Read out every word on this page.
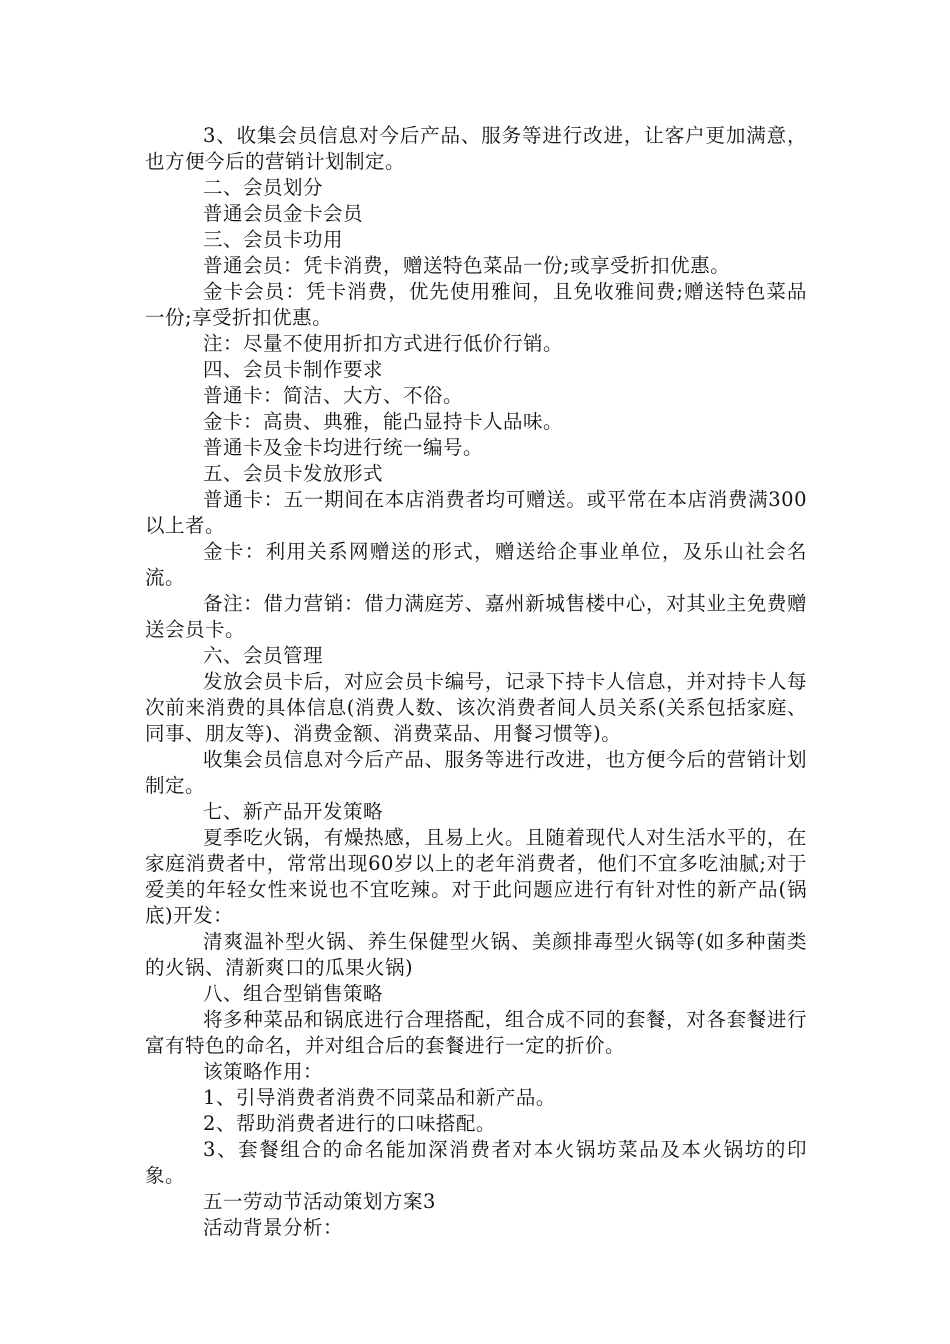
3、收集会员信息对今后产品、服务等进行改进，让客户更加满意，也方便今后的营销计划制定。

二、会员划分

普通会员金卡会员

三、会员卡功用

普通会员：凭卡消费，赠送特色菜品一份;或享受折扣优惠。

金卡会员：凭卡消费，优先使用雅间，且免收雅间费;赠送特色菜品一份;享受折扣优惠。

注：尽量不使用折扣方式进行低价行销。

四、会员卡制作要求

普通卡：简洁、大方、不俗。

金卡：高贵、典雅，能凸显持卡人品味。

普通卡及金卡均进行统一编号。

五、会员卡发放形式

普通卡：五一期间在本店消费者均可赠送。或平常在本店消费满300以上者。

金卡：利用关系网赠送的形式，赠送给企事业单位，及乐山社会名流。

备注：借力营销：借力满庭芳、嘉州新城售楼中心，对其业主免费赠送会员卡。

六、会员管理

发放会员卡后，对应会员卡编号，记录下持卡人信息，并对持卡人每次前来消费的具体信息(消费人数、该次消费者间人员关系(关系包括家庭、同事、朋友等)、消费金额、消费菜品、用餐习惯等)。

收集会员信息对今后产品、服务等进行改进，也方便今后的营销计划制定。

七、新产品开发策略

夏季吃火锅，有燥热感，且易上火。且随着现代人对生活水平的，在家庭消费者中，常常出现60岁以上的老年消费者，他们不宜多吃油腻;对于爱美的年轻女性来说也不宜吃辣。对于此问题应进行有针对性的新产品(锅底)开发：

清爽温补型火锅、养生保健型火锅、美颜排毒型火锅等(如多种菌类的火锅、清新爽口的瓜果火锅)

八、组合型销售策略

将多种菜品和锅底进行合理搭配，组合成不同的套餐，对各套餐进行富有特色的命名，并对组合后的套餐进行一定的折价。

该策略作用：

1、引导消费者消费不同菜品和新产品。

2、帮助消费者进行的口味搭配。

3、套餐组合的命名能加深消费者对本火锅坊菜品及本火锅坊的印象。

五一劳动节活动策划方案3

活动背景分析：
